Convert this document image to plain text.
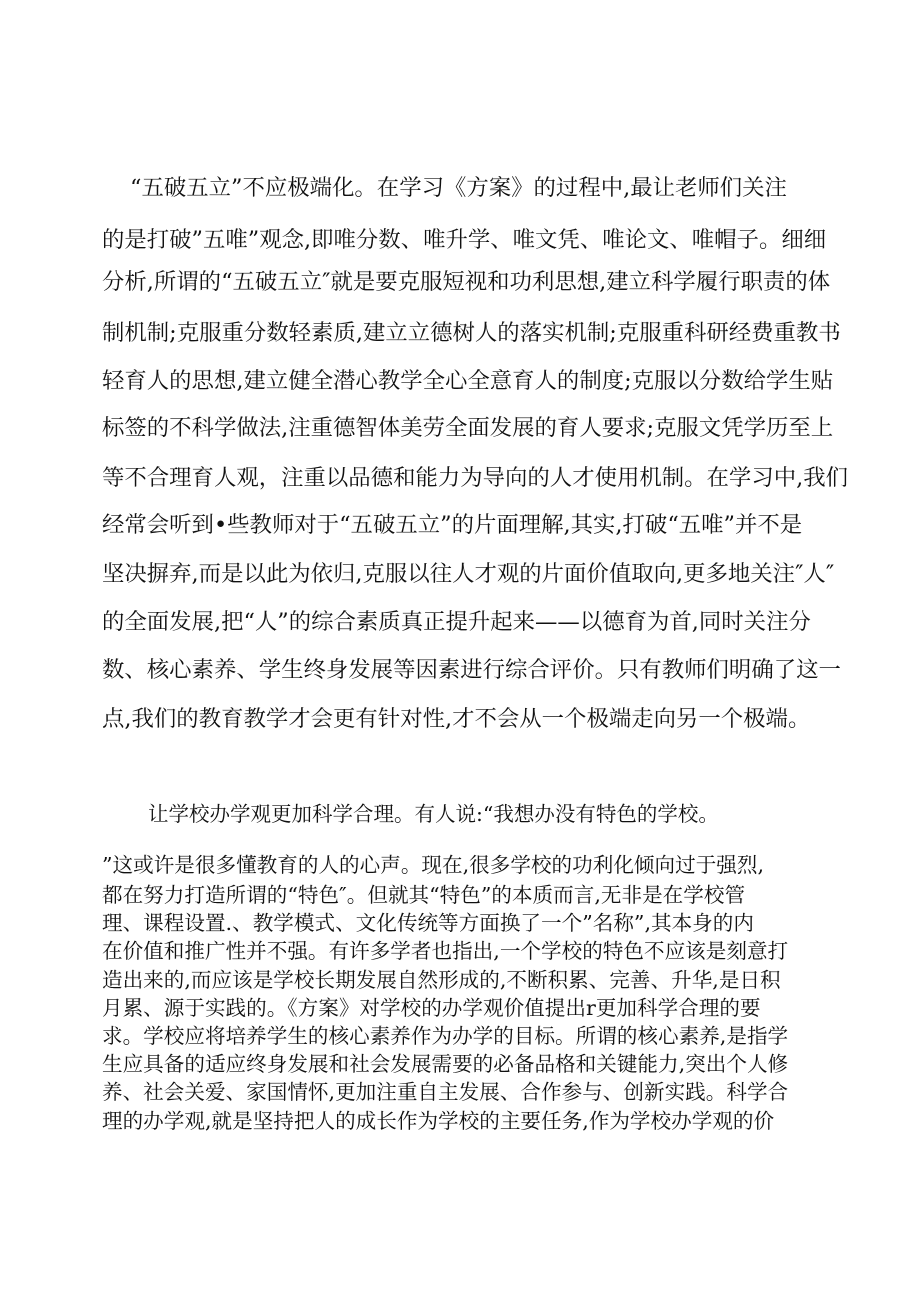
“五破五立”不应极端化。在学习《方案》的过程中,最让老师们关注
的是打破”五唯”观念,即唯分数、唯升学、唯文凭、唯论文、唯帽子。细细
分析,所谓的“五破五立″就是要克服短视和功利思想,建立科学履行职责的体
制机制;克服重分数轻素质,建立立德树人的落实机制;克服重科研经费重教书
轻育人的思想,建立健全潜心教学全心全意育人的制度;克服以分数给学生贴
标签的不科学做法,注重德智体美劳全面发展的育人要求;克服文凭学历至上
等不合理育人观，注重以品德和能力为导向的人才使用机制。在学习中,我们
经常会听到•些教师对于“五破五立”的片面理解,其实,打破“五唯”并不是
坚决摒弃,而是以此为依归,克服以往人才观的片面价值取向,更多地关注″人″
的全面发展,把“人”的综合素质真正提升起来——以德育为首,同时关注分
数、核心素养、学生终身发展等因素进行综合评价。只有教师们明确了这一
点,我们的教育教学才会更有针对性,才不会从一个极端走向另一个极端。
让学校办学观更加科学合理。有人说:“我想办没有特色的学校。
”这或许是很多懂教育的人的心声。现在,很多学校的功利化倾向过于强烈,
都在努力打造所谓的“特色″。但就其“特色”的本质而言,无非是在学校管
理、课程设置.、教学模式、文化传统等方面换了一个”名称”,其本身的内
在价值和推广性并不强。有许多学者也指出,一个学校的特色不应该是刻意打
造出来的,而应该是学校长期发展自然形成的,不断积累、完善、升华,是日积
月累、源于实践的。《方案》对学校的办学观价值提出r更加科学合理的要
求。学校应将培养学生的核心素养作为办学的目标。所谓的核心素养,是指学
生应具备的适应终身发展和社会发展需要的必备品格和关键能力,突出个人修
养、社会关爱、家国情怀,更加注重自主发展、合作参与、创新实践。科学合
理的办学观,就是坚持把人的成长作为学校的主要任务,作为学校办学观的价
